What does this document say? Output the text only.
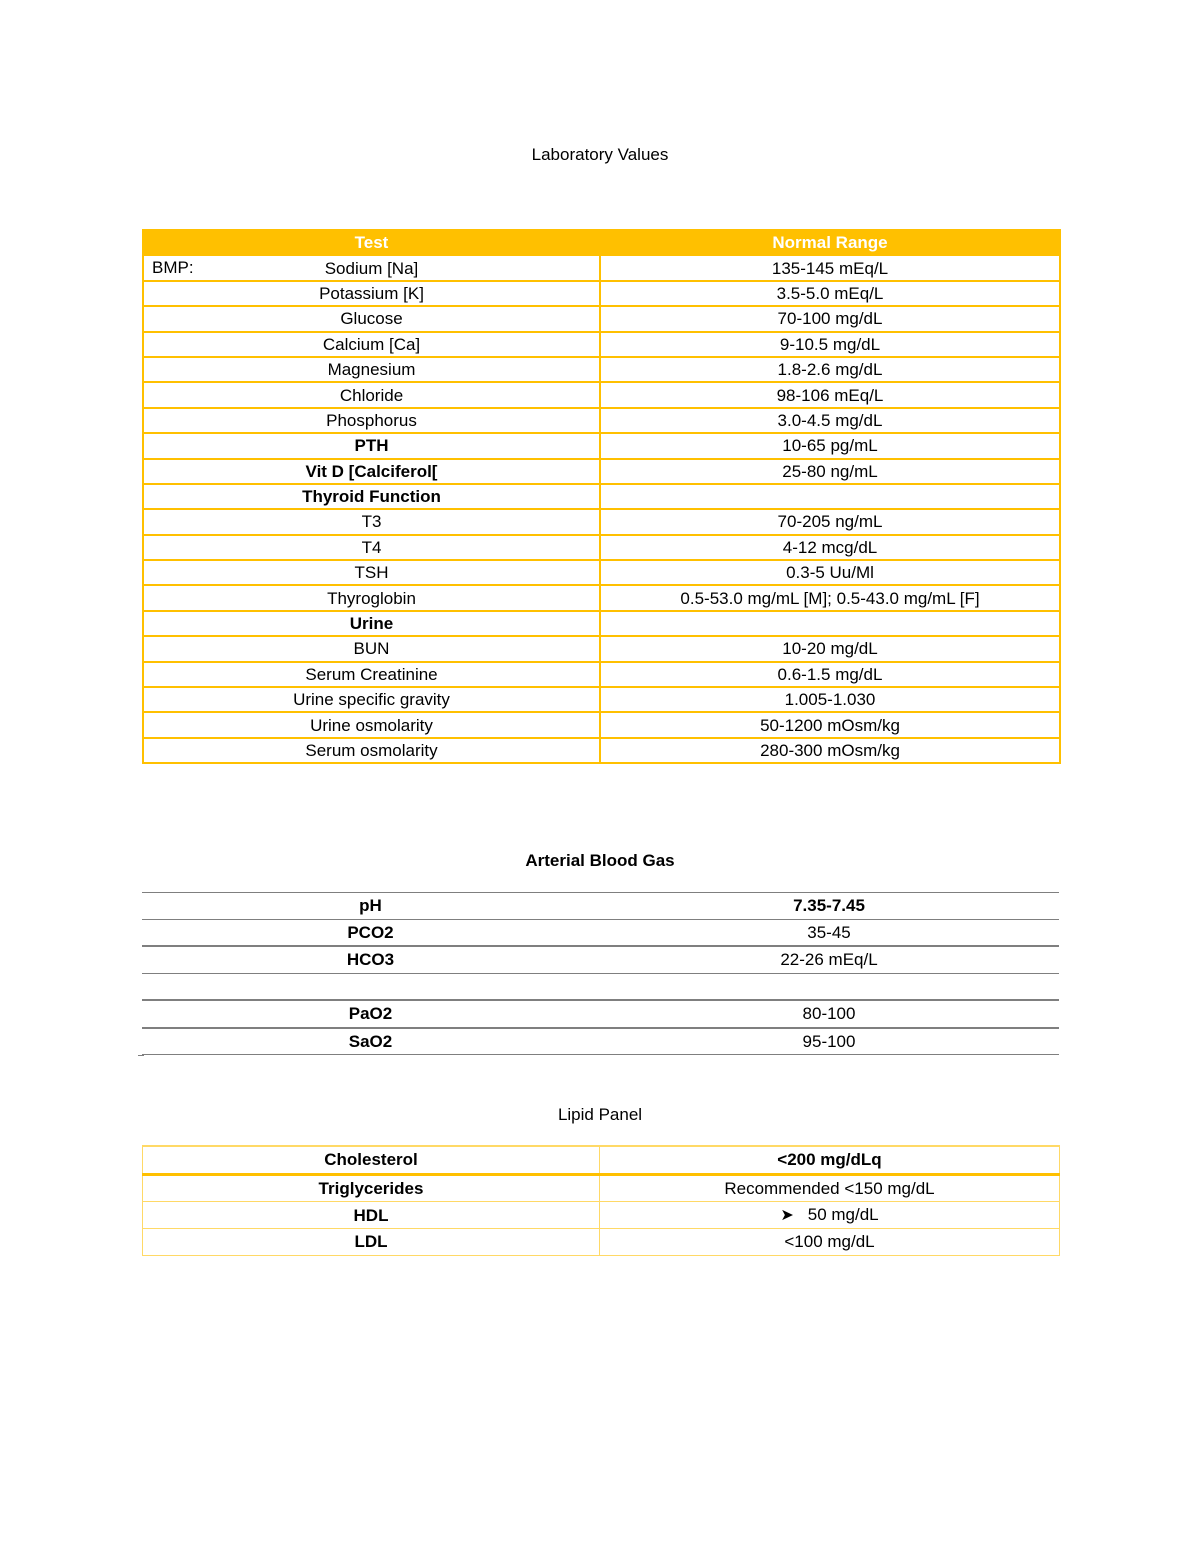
Laboratory Values
Test	Normal Range

BMP: Sodium [Na]	135-145 mEq/L
Potassium [K]	3.5-5.0 mEq/L
Glucose	70-100 mg/dL
Calcium [Ca]	9-10.5 mg/dL
Magnesium	1.8-2.6 mg/dL
Chloride	98-106 mEq/L
Phosphorus	3.0-4.5 mg/dL
PTH	10-65 pg/mL
Vit D [Calciferol[	25-80 ng/mL
Thyroid Function	
T3	70-205 ng/mL
T4	4-12 mcg/dL
TSH	0.3-5 Uu/Ml
Thyroglobin	0.5-53.0 mg/mL [M]; 0.5-43.0 mg/mL [F]
Urine	
BUN	10-20 mg/dL
Serum Creatinine	0.6-1.5 mg/dL
Urine specific gravity	1.005-1.030
Urine osmolarity	50-1200 mOsm/kg
Serum osmolarity	280-300 mOsm/kg
Arterial Blood Gas
pH	7.35-7.45
PCO2	35-45
HCO3	22-26 mEq/L

PaO2	80-100
SaO2	95-100
Lipid Panel
Cholesterol	<200 mg/dLq
Triglycerides	Recommended <150 mg/dL
HDL	➤ 50 mg/dL
LDL	<100 mg/dL
